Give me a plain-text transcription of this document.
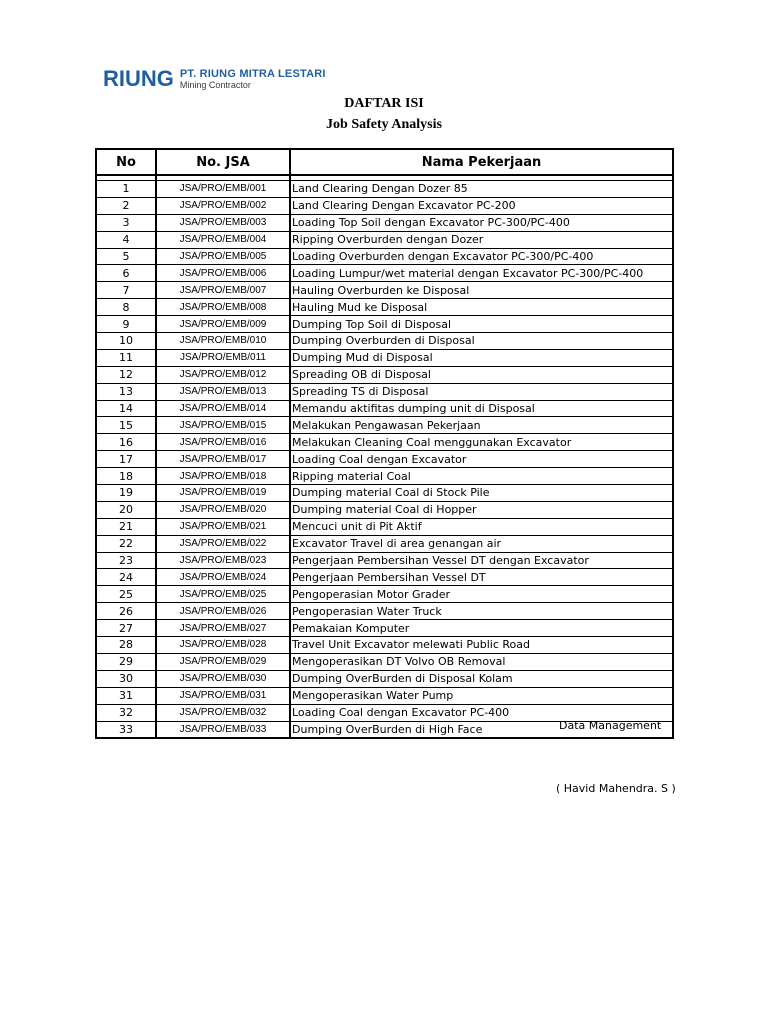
RIUNG PT. RIUNG MITRA LESTARI
Mining Contractor
DAFTAR ISI
Job Safety Analysis
No	No. JSA	Nama Pekerjaan

1	JSA/PRO/EMB/001	Land Clearing Dengan Dozer 85
2	JSA/PRO/EMB/002	Land Clearing Dengan Excavator PC-200
3	JSA/PRO/EMB/003	Loading Top Soil dengan Excavator PC-300/PC-400
4	JSA/PRO/EMB/004	Ripping Overburden dengan Dozer
5	JSA/PRO/EMB/005	Loading Overburden dengan Excavator PC-300/PC-400
6	JSA/PRO/EMB/006	Loading Lumpur/wet material dengan Excavator PC-300/PC-400
7	JSA/PRO/EMB/007	Hauling Overburden ke Disposal
8	JSA/PRO/EMB/008	Hauling Mud ke Disposal
9	JSA/PRO/EMB/009	Dumping Top Soil di Disposal
10	JSA/PRO/EMB/010	Dumping Overburden di Disposal
11	JSA/PRO/EMB/011	Dumping Mud di Disposal
12	JSA/PRO/EMB/012	Spreading OB di Disposal
13	JSA/PRO/EMB/013	Spreading TS di Disposal
14	JSA/PRO/EMB/014	Memandu aktifitas dumping unit di Disposal
15	JSA/PRO/EMB/015	Melakukan Pengawasan Pekerjaan
16	JSA/PRO/EMB/016	Melakukan Cleaning Coal menggunakan Excavator
17	JSA/PRO/EMB/017	Loading Coal dengan Excavator
18	JSA/PRO/EMB/018	Ripping material Coal
19	JSA/PRO/EMB/019	Dumping material Coal di Stock Pile
20	JSA/PRO/EMB/020	Dumping material Coal di Hopper
21	JSA/PRO/EMB/021	Mencuci unit di Pit Aktif
22	JSA/PRO/EMB/022	Excavator Travel di area genangan air
23	JSA/PRO/EMB/023	Pengerjaan Pembersihan Vessel DT dengan Excavator
24	JSA/PRO/EMB/024	Pengerjaan Pembersihan Vessel DT
25	JSA/PRO/EMB/025	Pengoperasian Motor Grader
26	JSA/PRO/EMB/026	Pengoperasian Water Truck
27	JSA/PRO/EMB/027	Pemakaian Komputer
28	JSA/PRO/EMB/028	Travel Unit Excavator melewati Public Road
29	JSA/PRO/EMB/029	Mengoperasikan DT Volvo OB Removal
30	JSA/PRO/EMB/030	Dumping OverBurden di Disposal Kolam
31	JSA/PRO/EMB/031	Mengoperasikan Water Pump
32	JSA/PRO/EMB/032	Loading Coal dengan Excavator PC-400
33	JSA/PRO/EMB/033	Dumping OverBurden di High Face	Data Management
( Havid Mahendra. S )
